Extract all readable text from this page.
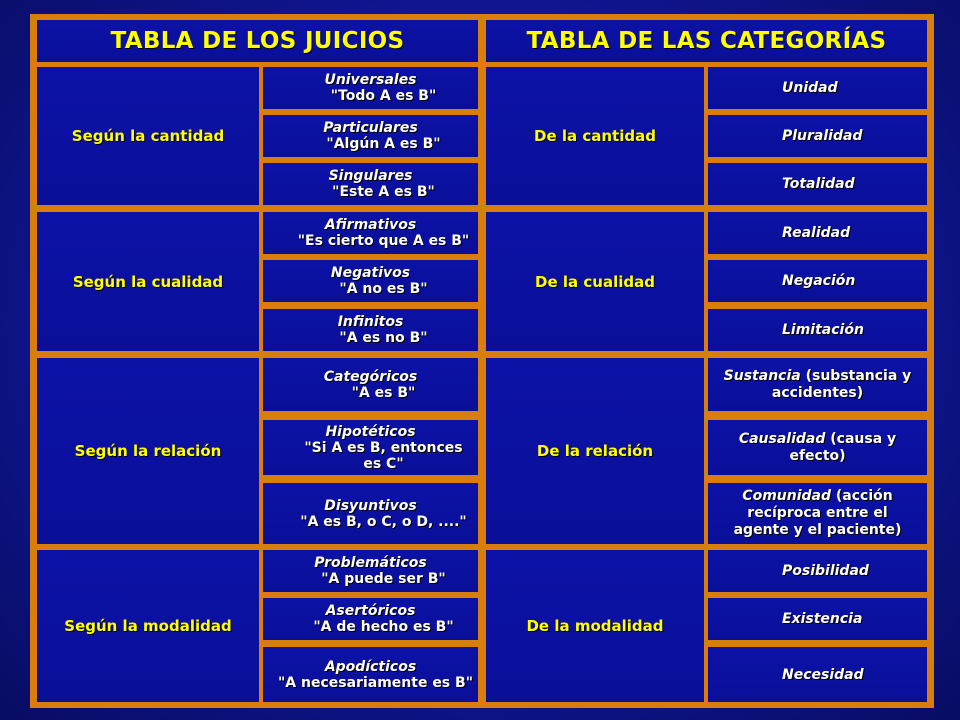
TABLA DE LOS JUICIOS	TABLA DE LAS CATEGORÍAS
Según la cantidad
Universales
"Todo A es B"
Particulares
"Algún A es B"
Singulares
"Este A es B"
De la cantidad
Unidad
Pluralidad
Totalidad
Según la cualidad
Afirmativos
"Es cierto que A es B"
Negativos
"A no es B"
Infinitos
"A es no B"
De la cualidad
Realidad
Negación
Limitación
Según la relación
Categóricos
"A es B"
Hipotéticos
"Si A es B, entonces es C"
Disyuntivos
"A es B, o C, o D, ...."
De la relación
Sustancia (substancia y accidentes)
Causalidad (causa y efecto)
Comunidad (acción recíproca entre el agente y el paciente)
Según la modalidad
Problemáticos
"A puede ser B"
Asertóricos
"A de hecho es B"
Apodícticos
"A necesariamente es B"
De la modalidad
Posibilidad
Existencia
Necesidad
